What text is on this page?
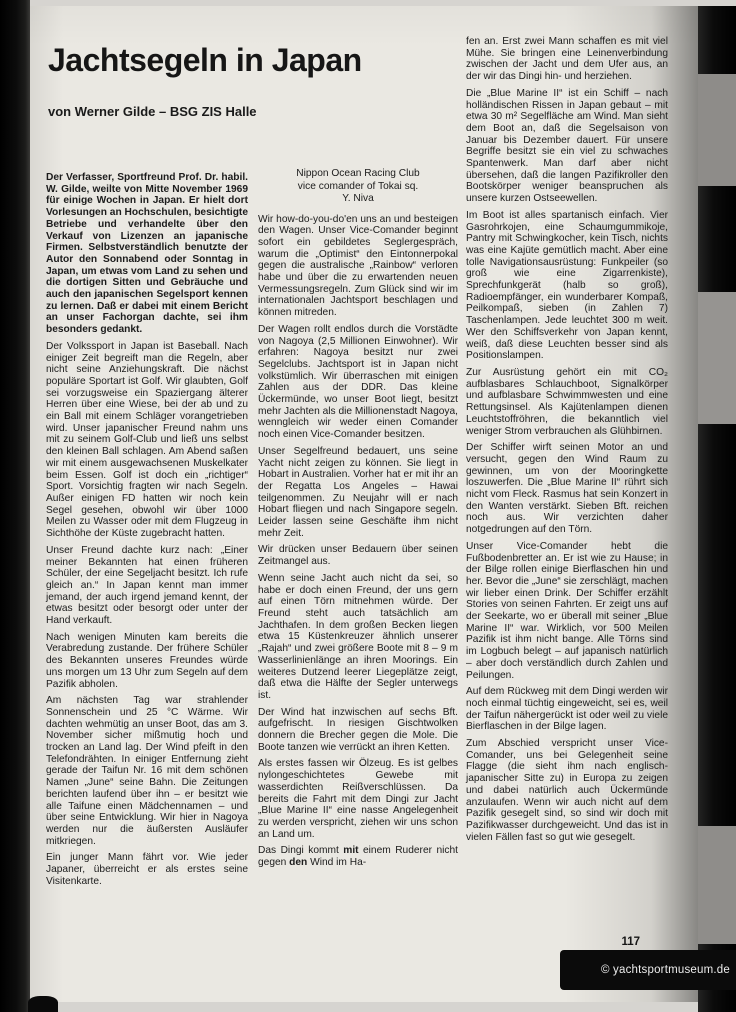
Jachtsegeln in Japan
von Werner Gilde – BSG ZIS Halle

Der Verfasser, Sportfreund Prof. Dr. habil. W. Gilde, weilte von Mitte November 1969 für einige Wochen in Japan. Er hielt dort Vorlesungen an Hochschulen, besichtigte Betriebe und verhandelte über den Verkauf von Lizenzen an japanische Firmen. Selbstverständlich benutzte der Autor den Sonnabend oder Sonntag in Japan, um etwas vom Land zu sehen und die dortigen Sitten und Gebräuche und auch den japanischen Segelsport kennen zu lernen. Daß er dabei mit einem Bericht an unser Fachorgan dachte, sei ihm besonders gedankt.

Der Volkssport in Japan ist Baseball. Nach einiger Zeit begreift man die Regeln, aber nicht seine Anziehungskraft. Die nächst populäre Sportart ist Golf. Wir glaubten, Golf sei vorzugsweise ein Spaziergang älterer Herren über eine Wiese, bei der ab und zu ein Ball mit einem Schläger vorangetrieben wird. Unser japanischer Freund nahm uns mit zu seinem Golf-Club und ließ uns selbst den kleinen Ball schlagen. Am Abend saßen wir mit einem ausgewachsenen Muskelkater beim Essen. Golf ist doch ein „richtiger“ Sport. Vorsichtig fragten wir nach Segeln. Außer einigen FD hatten wir noch kein Segel gesehen, obwohl wir über 1000 Meilen zu Wasser oder mit dem Flugzeug in Sichthöhe der Küste zugebracht hatten.

Unser Freund dachte kurz nach: „Einer meiner Bekannten hat einen früheren Schüler, der eine Segeljacht besitzt. Ich rufe gleich an.“ In Japan kennt man immer jemand, der auch irgend jemand kennt, der etwas besitzt oder besorgt oder unter der Hand verkauft.

Nach wenigen Minuten kam bereits die Verabredung zustande. Der frühere Schüler des Bekannten unseres Freundes würde uns morgen um 13 Uhr zum Segeln auf dem Pazifik abholen.

Am nächsten Tag war strahlender Sonnenschein und 25 °C Wärme. Wir dachten wehmütig an unser Boot, das am 3. November sicher mißmutig hoch und trocken an Land lag. Der Wind pfeift in den Telefondrähten. In einiger Entfernung zieht gerade der Taifun Nr. 16 mit dem schönen Namen „June“ seine Bahn. Die Zeitungen berichten laufend über ihn – er besitzt wie alle Taifune einen Mädchennamen – und über seine Entwicklung. Wir hier in Nagoya werden nur die äußersten Ausläufer mitkriegen.

Ein junger Mann fährt vor. Wie jeder Japaner, überreicht er als erstes seine Visitenkarte.

Nippon Ocean Racing Club
vice comander of Tokai sq.
Y. Niva

Wir how-do-you-do'en uns an und besteigen den Wagen. Unser Vice-Comander beginnt sofort ein gebildetes Seglergespräch, warum die „Optimist“ den Eintonnerpokal gegen die australische „Rainbow“ verloren habe und über die zu erwartenden neuen Vermessungsregeln. Zum Glück sind wir im internationalen Jachtsport beschlagen und können mitreden.

Der Wagen rollt endlos durch die Vorstädte von Nagoya (2,5 Millionen Einwohner). Wir erfahren: Nagoya besitzt nur zwei Segelclubs. Jachtsport ist in Japan nicht volkstümlich. Wir überraschen mit einigen Zahlen aus der DDR. Das kleine Ückermünde, wo unser Boot liegt, besitzt mehr Jachten als die Millionenstadt Nagoya, wenngleich wir weder einen Comander noch einen Vice-Comander besitzen.

Unser Segelfreund bedauert, uns seine Yacht nicht zeigen zu können. Sie liegt in Hobart in Australien. Vorher hat er mit ihr an der Regatta Los Angeles – Hawai teilgenommen. Zu Neujahr will er nach Hobart fliegen und nach Singapore segeln. Leider lassen seine Geschäfte ihm nicht mehr Zeit.

Wir drücken unser Bedauern über seinen Zeitmangel aus.

Wenn seine Jacht auch nicht da sei, so habe er doch einen Freund, der uns gern auf einen Törn mitnehmen würde. Der Freund steht auch tatsächlich am Jachthafen. In dem großen Becken liegen etwa 15 Küstenkreuzer ähnlich unserer „Rajah“ und zwei größere Boote mit 8 – 9 m Wasserlinienlänge an ihren Moorings. Ein weiteres Dutzend leerer Liegeplätze zeigt, daß etwa die Hälfte der Segler unterwegs ist.

Der Wind hat inzwischen auf sechs Bft. aufgefrischt. In riesigen Gischtwolken donnern die Brecher gegen die Mole. Die Boote tanzen wie verrückt an ihren Ketten.

Als erstes fassen wir Ölzeug. Es ist gelbes nylongeschichtetes Gewebe mit wasserdichten Reißverschlüssen. Da bereits die Fahrt mit dem Dingi zur Jacht „Blue Marine II“ eine nasse Angelegenheit zu werden verspricht, ziehen wir uns schon an Land um.

Das Dingi kommt mit einem Ruderer nicht gegen den Wind im Ha-

fen an. Erst zwei Mann schaffen es mit viel Mühe. Sie bringen eine Leinenverbindung zwischen der Jacht und dem Ufer aus, an der wir das Dingi hin- und herziehen.

Die „Blue Marine II“ ist ein Schiff – nach holländischen Rissen in Japan gebaut – mit etwa 30 m² Segelfläche am Wind. Man sieht dem Boot an, daß die Segelsaison von Januar bis Dezember dauert. Für unsere Begriffe besitzt sie ein viel zu schwaches Spantenwerk. Man darf aber nicht übersehen, daß die langen Pazifikroller den Bootskörper weniger beanspruchen als unsere kurzen Ostseewellen.

Im Boot ist alles spartanisch einfach. Vier Gasrohrkojen, eine Schaumgummikoje, Pantry mit Schwingkocher, kein Tisch, nichts was eine Kajüte gemütlich macht. Aber eine tolle Navigationsausrüstung: Funkpeiler (so groß wie eine Zigarrenkiste), Sprechfunkgerät (halb so groß), Radioempfänger, ein wunderbarer Kompaß, Peilkompaß, sieben (in Zahlen 7) Taschenlampen. Jede leuchtet 300 m weit. Wer den Schiffsverkehr von Japan kennt, weiß, daß diese Leuchten besser sind als Positionslampen.

Zur Ausrüstung gehört ein mit CO₂ aufblasbares Schlauchboot, Signalkörper und aufblasbare Schwimmwesten und eine Rettungsinsel. Als Kajütenlampen dienen Leuchtstoffröhren, die bekanntlich viel weniger Strom verbrauchen als Glühbirnen.

Der Schiffer wirft seinen Motor an und versucht, gegen den Wind Raum zu gewinnen, um von der Mooringkette loszuwerfen. Die „Blue Marine II“ rührt sich nicht vom Fleck. Rasmus hat sein Konzert in den Wanten verstärkt. Sieben Bft. reichen noch aus. Wir verzichten daher notgedrungen auf den Törn.

Unser Vice-Comander hebt die Fußbodenbretter an. Er ist wie zu Hause; in der Bilge rollen einige Bierflaschen hin und her. Bevor die „June“ sie zerschlägt, machen wir lieber einen Drink. Der Schiffer erzählt Stories von seinen Fahrten. Er zeigt uns auf der Seekarte, wo er überall mit seiner „Blue Marine II“ war. Wirklich, vor 500 Meilen Pazifik ist ihm nicht bange. Alle Törns sind im Logbuch belegt – auf japanisch natürlich – aber doch verständlich durch Zahlen und Peilungen.

Auf dem Rückweg mit dem Dingi werden wir noch einmal tüchtig eingeweicht, sei es, weil der Taifun nähergerückt ist oder weil zu viele Bierflaschen in der Bilge lagen.

Zum Abschied verspricht unser Vice-Comander, uns bei Gelegenheit seine Flagge (die sieht ihm nach englisch-japanischer Sitte zu) in Europa zu zeigen und dabei natürlich auch Ückermünde anzulaufen. Wenn wir auch nicht auf dem Pazifik gesegelt sind, so sind wir doch mit Pazifikwasser durchgeweicht. Und das ist in vielen Fällen fast so gut wie gesegelt.

117
© yachtsportmuseum.de
